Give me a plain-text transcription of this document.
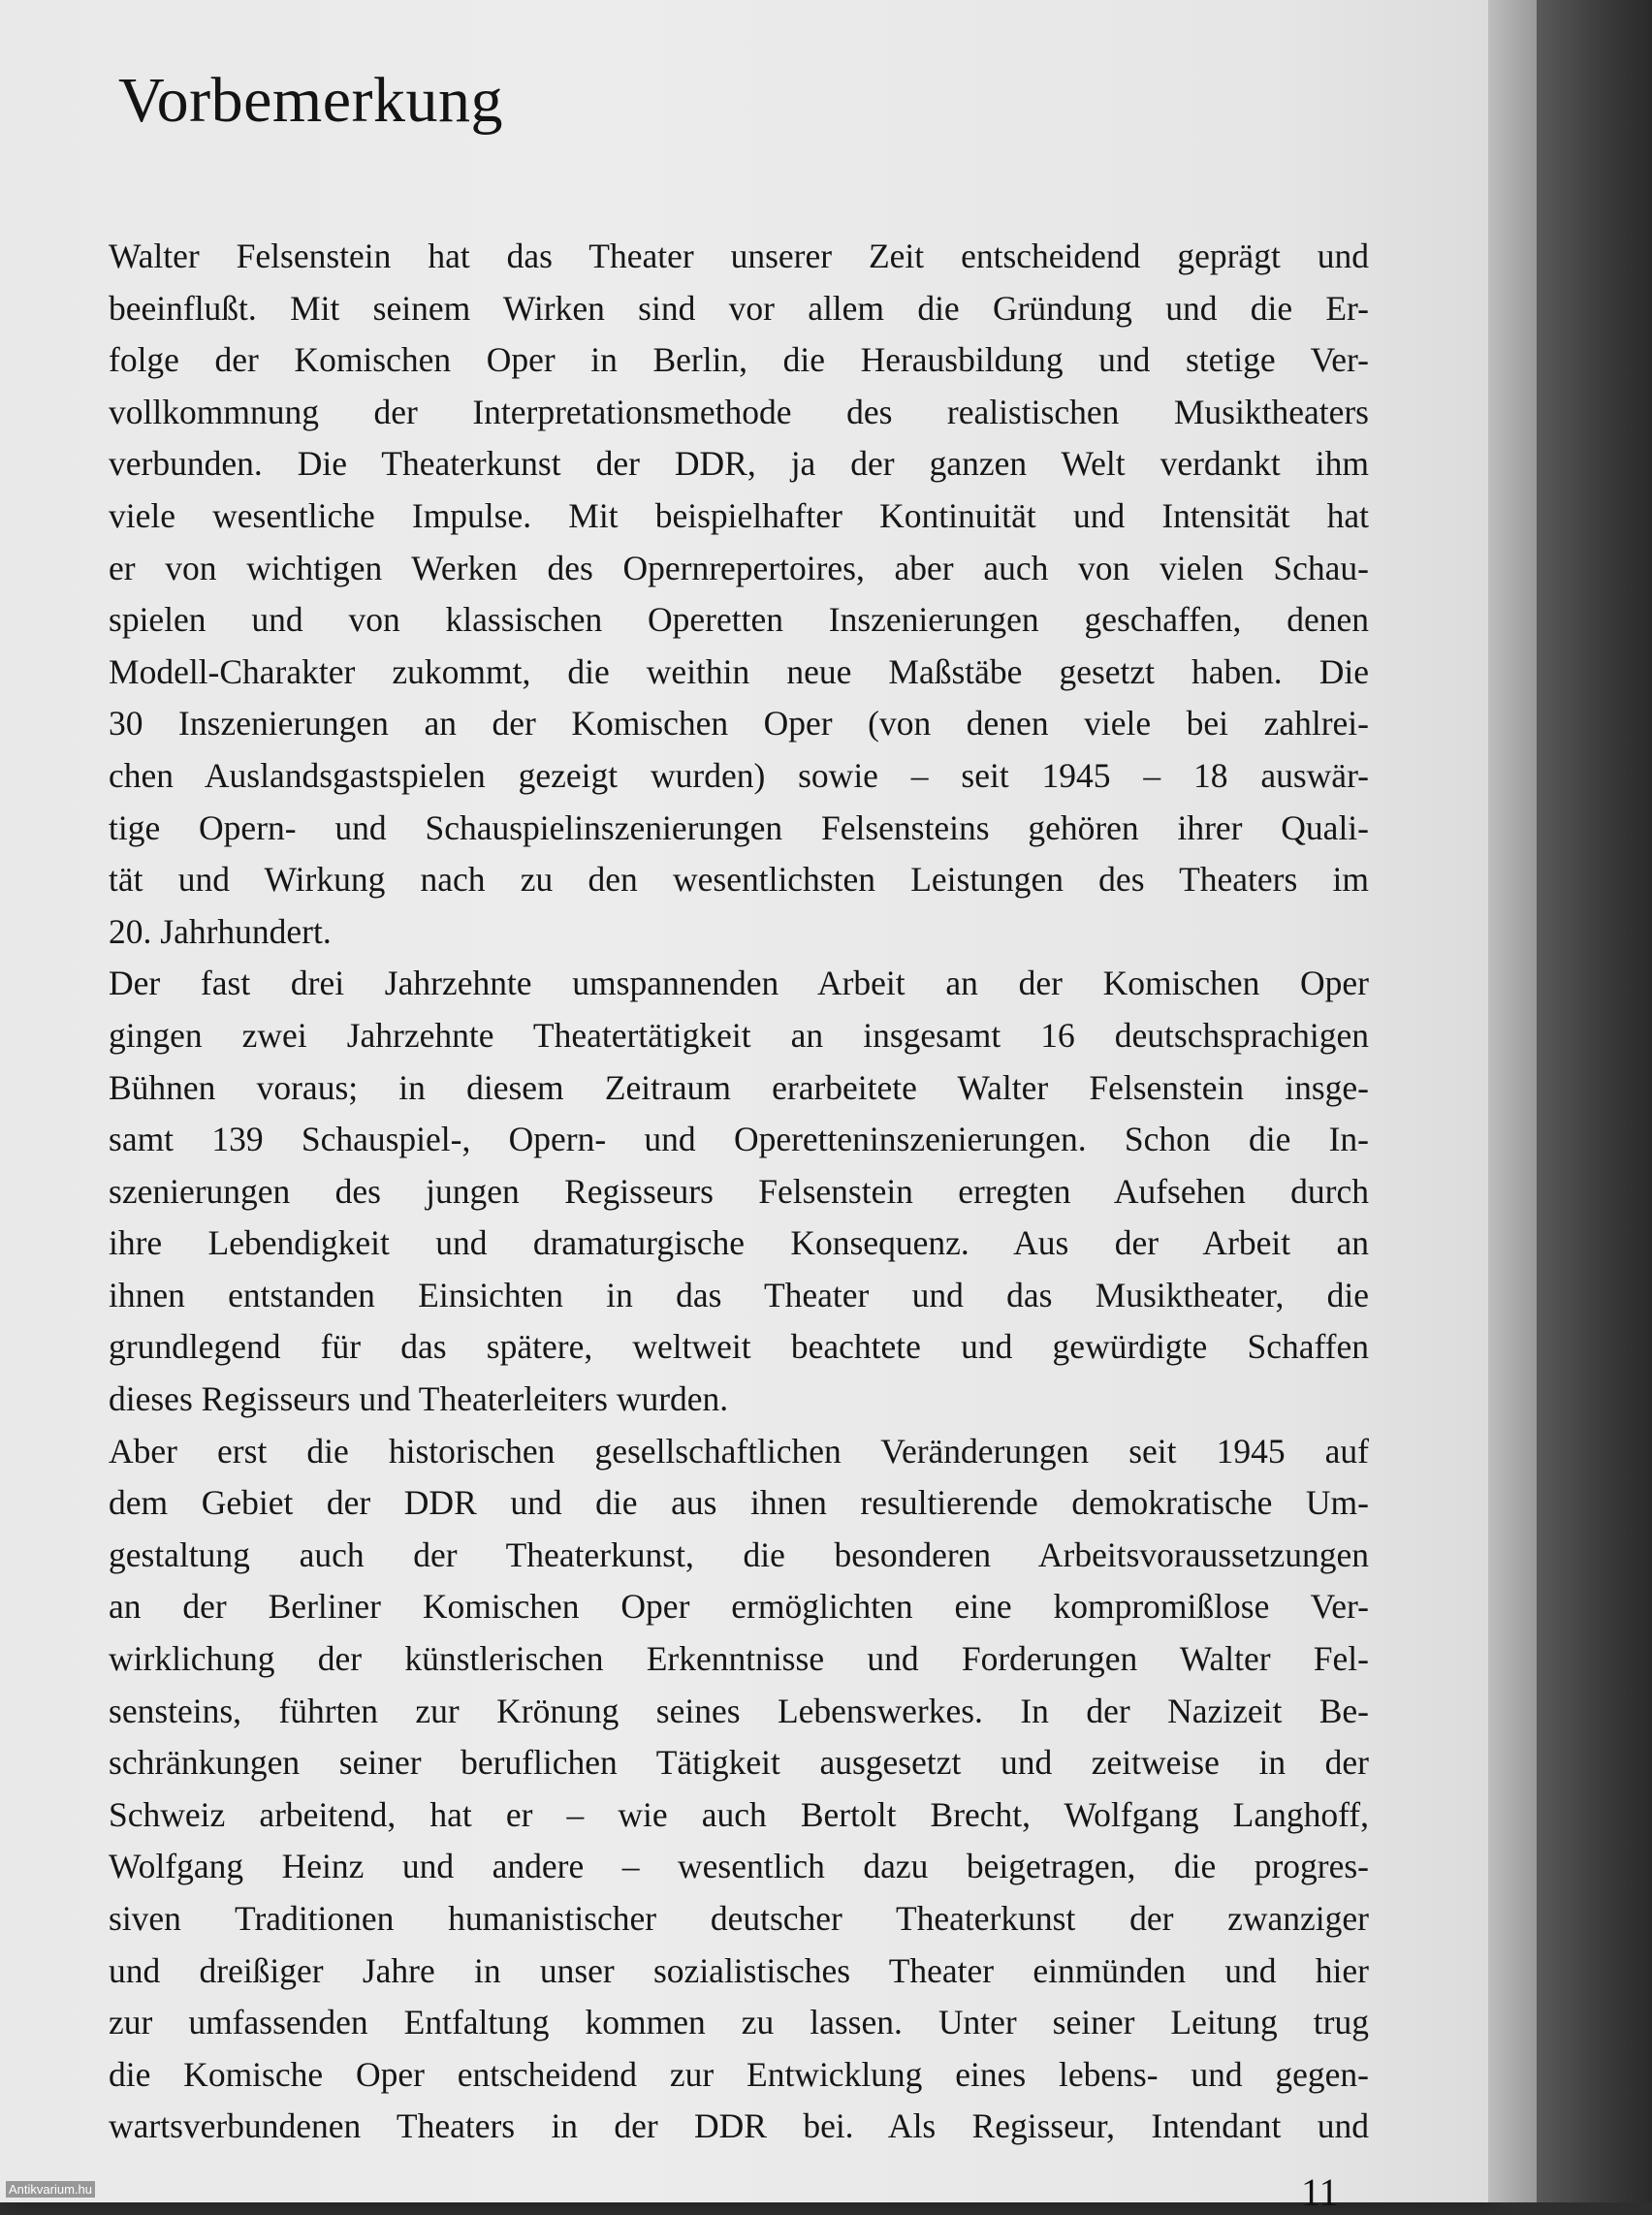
Vorbemerkung
Walter Felsenstein hat das Theater unserer Zeit entscheidend geprägt und
beeinflußt. Mit seinem Wirken sind vor allem die Gründung und die Er-
folge der Komischen Oper in Berlin, die Herausbildung und stetige Ver-
vollkommnung der Interpretationsmethode des realistischen Musiktheaters
verbunden. Die Theaterkunst der DDR, ja der ganzen Welt verdankt ihm
viele wesentliche Impulse. Mit beispielhafter Kontinuität und Intensität hat
er von wichtigen Werken des Opernrepertoires, aber auch von vielen Schau-
spielen und von klassischen Operetten Inszenierungen geschaffen, denen
Modell-Charakter zukommt, die weithin neue Maßstäbe gesetzt haben. Die
30 Inszenierungen an der Komischen Oper (von denen viele bei zahlrei-
chen Auslandsgastspielen gezeigt wurden) sowie – seit 1945 – 18 auswär-
tige Opern- und Schauspielinszenierungen Felsensteins gehören ihrer Quali-
tät und Wirkung nach zu den wesentlichsten Leistungen des Theaters im
20. Jahrhundert.
Der fast drei Jahrzehnte umspannenden Arbeit an der Komischen Oper
gingen zwei Jahrzehnte Theatertätigkeit an insgesamt 16 deutschsprachigen
Bühnen voraus; in diesem Zeitraum erarbeitete Walter Felsenstein insge-
samt 139 Schauspiel-, Opern- und Operetteninszenierungen. Schon die In-
szenierungen des jungen Regisseurs Felsenstein erregten Aufsehen durch
ihre Lebendigkeit und dramaturgische Konsequenz. Aus der Arbeit an
ihnen entstanden Einsichten in das Theater und das Musiktheater, die
grundlegend für das spätere, weltweit beachtete und gewürdigte Schaffen
dieses Regisseurs und Theaterleiters wurden.
Aber erst die historischen gesellschaftlichen Veränderungen seit 1945 auf
dem Gebiet der DDR und die aus ihnen resultierende demokratische Um-
gestaltung auch der Theaterkunst, die besonderen Arbeitsvoraussetzungen
an der Berliner Komischen Oper ermöglichten eine kompromißlose Ver-
wirklichung der künstlerischen Erkenntnisse und Forderungen Walter Fel-
sensteins, führten zur Krönung seines Lebenswerkes. In der Nazizeit Be-
schränkungen seiner beruflichen Tätigkeit ausgesetzt und zeitweise in der
Schweiz arbeitend, hat er – wie auch Bertolt Brecht, Wolfgang Langhoff,
Wolfgang Heinz und andere – wesentlich dazu beigetragen, die progres-
siven Traditionen humanistischer deutscher Theaterkunst der zwanziger
und dreißiger Jahre in unser sozialistisches Theater einmünden und hier
zur umfassenden Entfaltung kommen zu lassen. Unter seiner Leitung trug
die Komische Oper entscheidend zur Entwicklung eines lebens- und gegen-
wartsverbundenen Theaters in der DDR bei. Als Regisseur, Intendant und
11
Antikvarium.hu
